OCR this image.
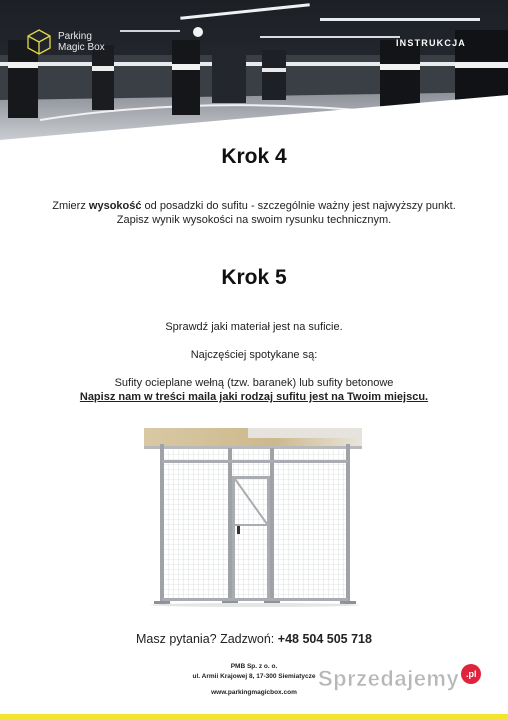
Parking
Magic Box	INSTRUKCJA
Krok 4
Zmierz wysokość od posadzki do sufitu - szczególnie ważny jest najwyższy punkt.
Zapisz wynik wysokości na swoim rysunku technicznym.
Krok 5
Sprawdź jaki materiał jest na suficie.
Najczęściej spotykane są:
Sufity ocieplane wełną (tzw. baranek) lub sufity betonowe
Napisz nam w treści maila jaki rodzaj sufitu jest na Twoim miejscu.
Masz pytania? Zadzwoń: +48 504 505 718
PMB Sp. z o. o.
ul. Armii Krajowej 8, 17-300 Siemiatycze
www.parkingmagicbox.com
Sprzedajemy .pl
